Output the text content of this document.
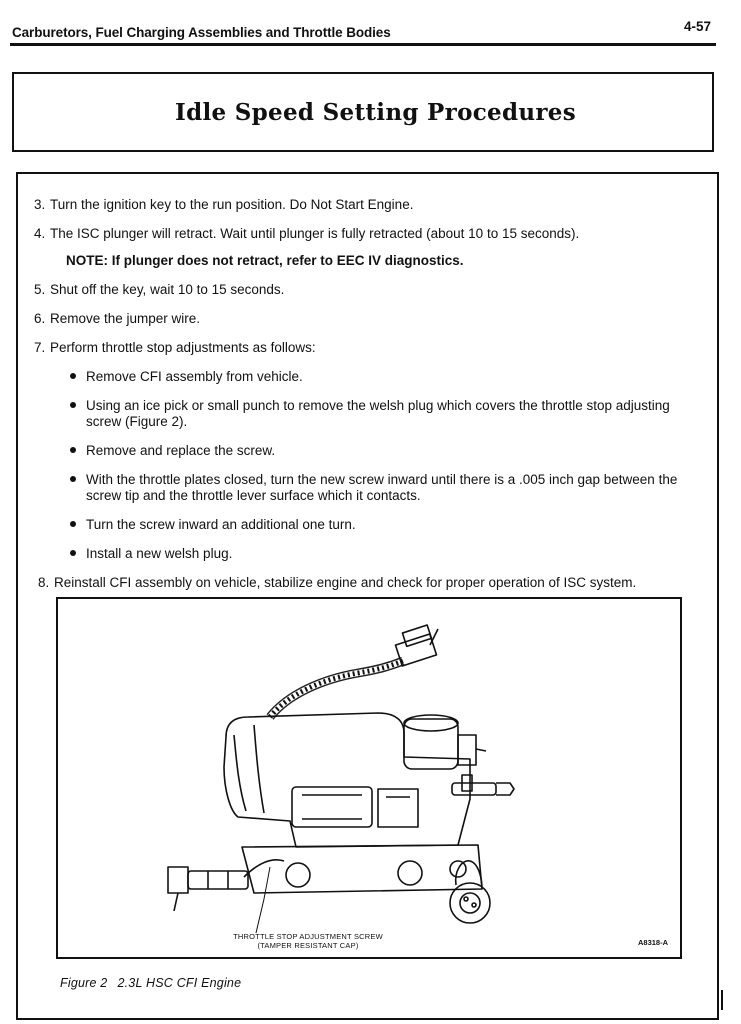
Carburetors, Fuel Charging Assemblies and Throttle Bodies	4-57
Idle Speed Setting Procedures
3. Turn the ignition key to the run position. Do Not Start Engine.
4. The ISC plunger will retract. Wait until plunger is fully retracted (about 10 to 15 seconds).
NOTE: If plunger does not retract, refer to EEC IV diagnostics.
5. Shut off the key, wait 10 to 15 seconds.
6. Remove the jumper wire.
7. Perform throttle stop adjustments as follows:
Remove CFI assembly from vehicle.
Using an ice pick or small punch to remove the welsh plug which covers the throttle stop adjusting screw (Figure 2).
Remove and replace the screw.
With the throttle plates closed, turn the new screw inward until there is a .005 inch gap between the screw tip and the throttle lever surface which it contacts.
Turn the screw inward an additional one turn.
Install a new welsh plug.
8. Reinstall CFI assembly on vehicle, stabilize engine and check for proper operation of ISC system.
THROTTLE STOP ADJUSTMENT SCREW
(TAMPER RESISTANT CAP)	A8318-A
Figure 2 2.3L HSC CFI Engine
